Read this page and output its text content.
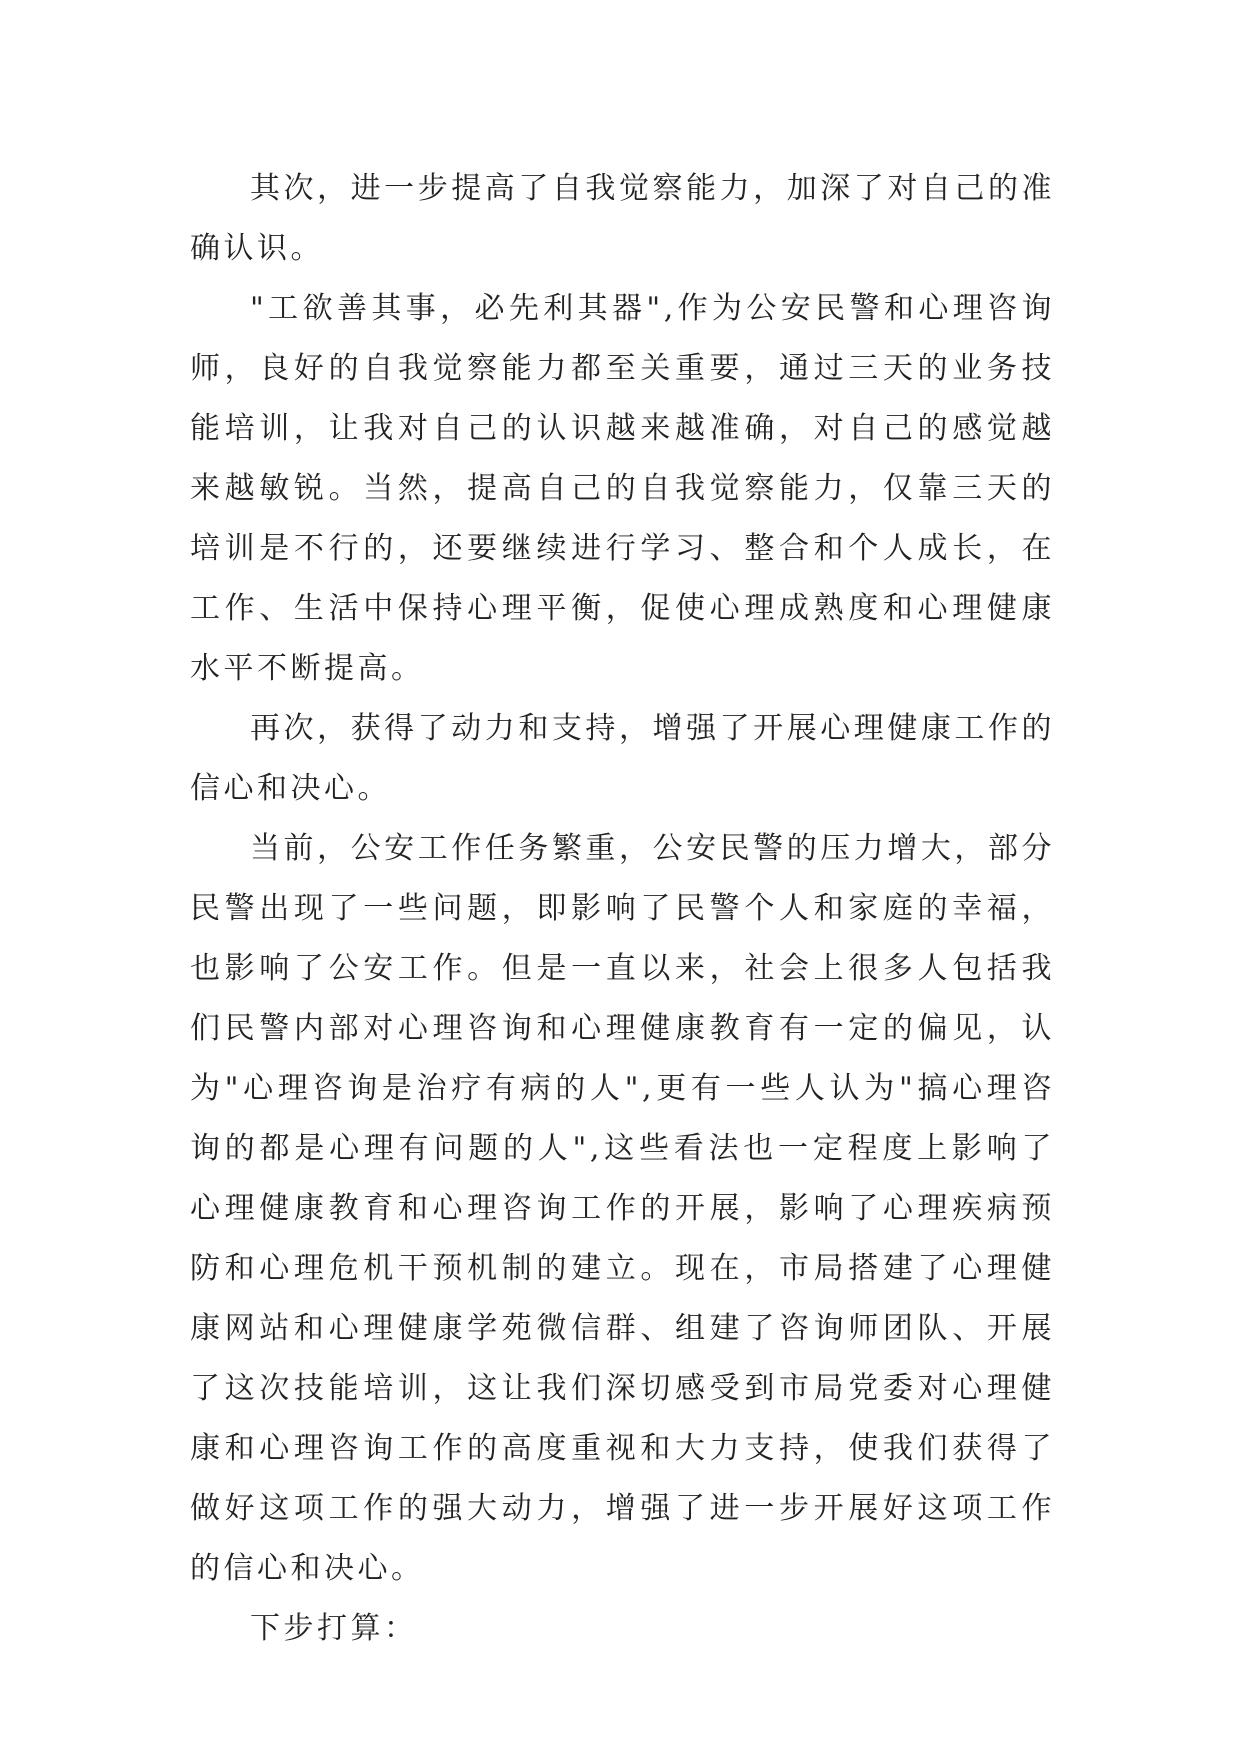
其次，进一步提高了自我觉察能力，加深了对自己的准确认识。

"工欲善其事，必先利其器",作为公安民警和心理咨询师，良好的自我觉察能力都至关重要，通过三天的业务技能培训，让我对自己的认识越来越准确，对自己的感觉越来越敏锐。当然，提高自己的自我觉察能力，仅靠三天的培训是不行的，还要继续进行学习、整合和个人成长，在工作、生活中保持心理平衡，促使心理成熟度和心理健康水平不断提高。

再次，获得了动力和支持，增强了开展心理健康工作的信心和决心。

当前，公安工作任务繁重，公安民警的压力增大，部分民警出现了一些问题，即影响了民警个人和家庭的幸福，也影响了公安工作。但是一直以来，社会上很多人包括我们民警内部对心理咨询和心理健康教育有一定的偏见，认为"心理咨询是治疗有病的人",更有一些人认为"搞心理咨询的都是心理有问题的人",这些看法也一定程度上影响了心理健康教育和心理咨询工作的开展，影响了心理疾病预防和心理危机干预机制的建立。现在，市局搭建了心理健康网站和心理健康学苑微信群、组建了咨询师团队、开展了这次技能培训，这让我们深切感受到市局党委对心理健康和心理咨询工作的高度重视和大力支持，使我们获得了做好这项工作的强大动力，增强了进一步开展好这项工作的信心和决心。

下步打算：
